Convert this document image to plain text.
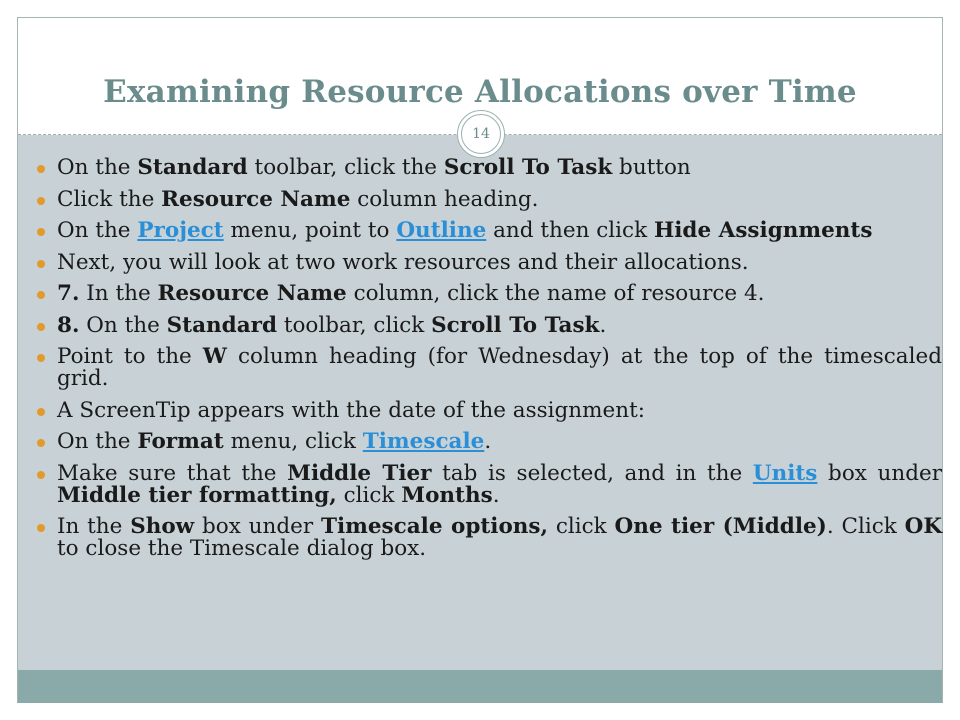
Examining Resource Allocations over Time
14
On the Standard toolbar, click the Scroll To Task button
Click the Resource Name column heading.
On the Project menu, point to Outline and then click Hide Assignments
Next, you will look at two work resources and their allocations.
7. In the Resource Name column, click the name of resource 4.
8. On the Standard toolbar, click Scroll To Task.
Point to the W column heading (for Wednesday) at the top of the timescaled grid.
A ScreenTip appears with the date of the assignment:
On the Format menu, click Timescale.
Make sure that the Middle Tier tab is selected, and in the Units box under Middle tier formatting, click Months.
In the Show box under Timescale options, click One tier (Middle). Click OK to close the Timescale dialog box.
